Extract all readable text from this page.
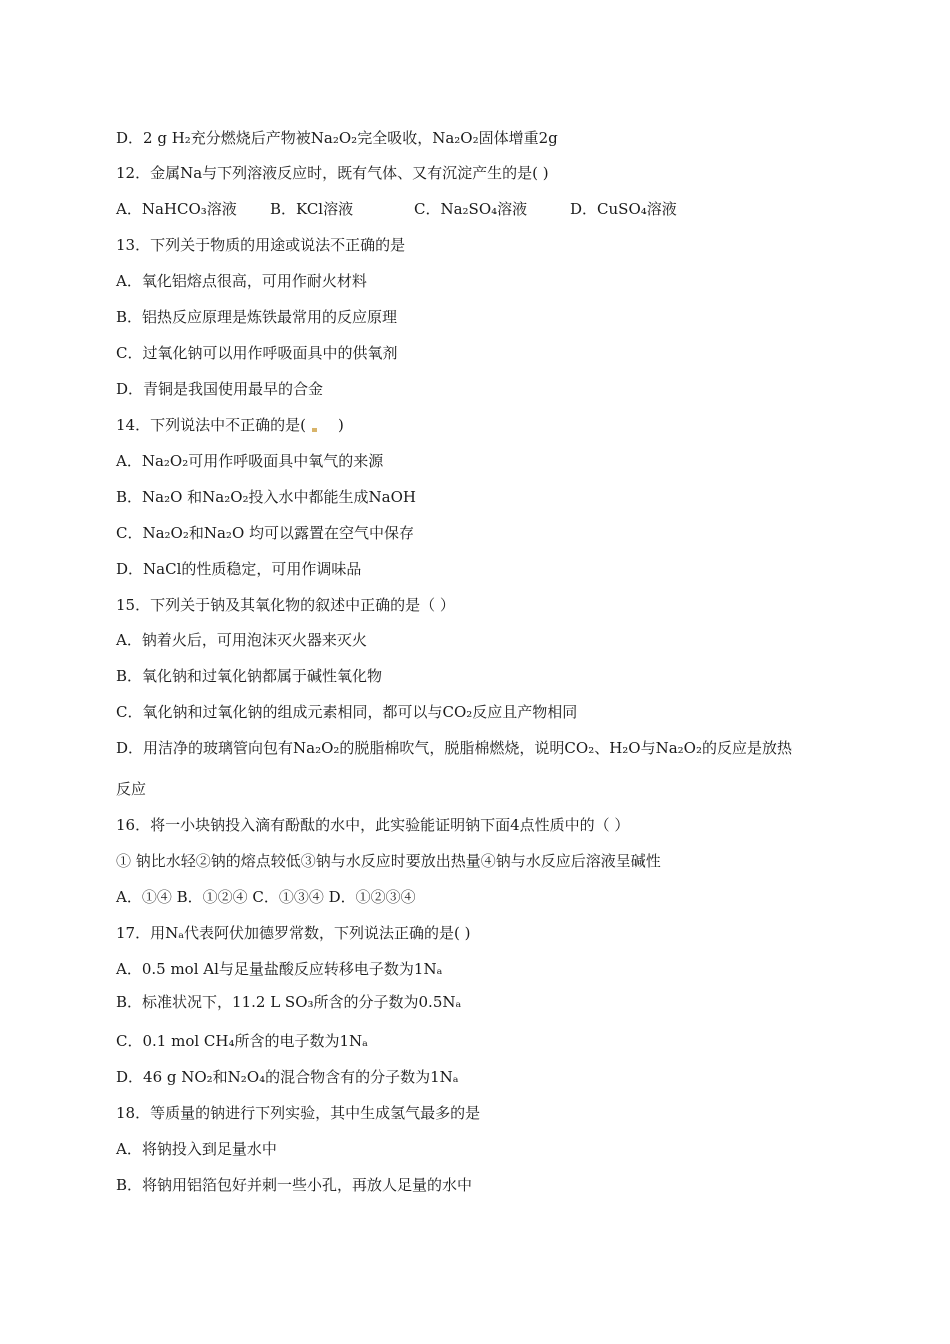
D．2 g H₂充分燃烧后产物被Na₂O₂完全吸收，Na₂O₂固体增重2g
12．金属Na与下列溶液反应时，既有气体、又有沉淀产生的是( )
A．NaHCO₃溶液	B．KCl溶液	C．Na₂SO₄溶液	D．CuSO₄溶液
13．下列关于物质的用途或说法不正确的是
A．氧化铝熔点很高，可用作耐火材料
B．铝热反应原理是炼铁最常用的反应原理
C．过氧化钠可以用作呼吸面具中的供氧剂
D．青铜是我国使用最早的合金
14．下列说法中不正确的是( )
A．Na₂O₂可用作呼吸面具中氧气的来源
B．Na₂O 和Na₂O₂投入水中都能生成NaOH
C．Na₂O₂和Na₂O 均可以露置在空气中保存
D．NaCl的性质稳定，可用作调味品
15．下列关于钠及其氧化物的叙述中正确的是（ ）
A．钠着火后，可用泡沫灭火器来灭火
B．氧化钠和过氧化钠都属于碱性氧化物
C．氧化钠和过氧化钠的组成元素相同，都可以与CO₂反应且产物相同
D．用洁净的玻璃管向包有Na₂O₂的脱脂棉吹气，脱脂棉燃烧，说明CO₂、H₂O与Na₂O₂的反应是放热
反应
16．将一小块钠投入滴有酚酞的水中，此实验能证明钠下面4点性质中的（ ）
① 钠比水轻②钠的熔点较低③钠与水反应时要放出热量④钠与水反应后溶液呈碱性
A．①④ B．①②④ C．①③④ D．①②③④
17．用Nₐ代表阿伏加德罗常数，下列说法正确的是( )
A．0.5 mol Al与足量盐酸反应转移电子数为1Nₐ
B．标准状况下，11.2 L SO₃所含的分子数为0.5Nₐ
C．0.1 mol CH₄所含的电子数为1Nₐ
D．46 g NO₂和N₂O₄的混合物含有的分子数为1Nₐ
18．等质量的钠进行下列实验，其中生成氢气最多的是
A．将钠投入到足量水中
B．将钠用铝箔包好并刺一些小孔，再放人足量的水中
